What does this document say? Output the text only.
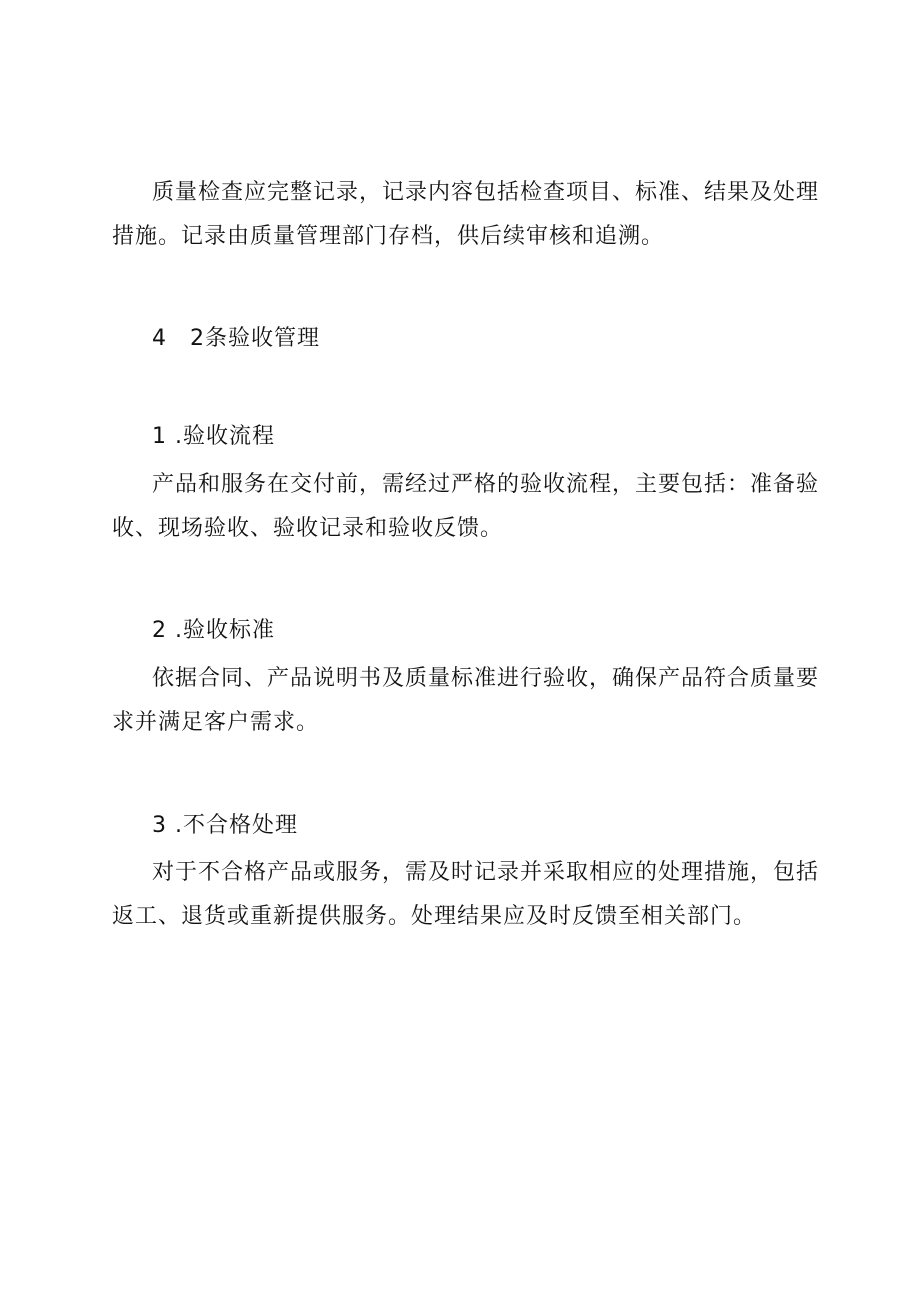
质量检查应完整记录，记录内容包括检查项目、标准、结果及处理
措施。记录由质量管理部门存档，供后续审核和追溯。

4　2条验收管理
1 .验收流程

产品和服务在交付前，需经过严格的验收流程，主要包括：准备验
收、现场验收、验收记录和验收反馈。

2 .验收标准

依据合同、产品说明书及质量标准进行验收，确保产品符合质量要
求并满足客户需求。

3 .不合格处理

对于不合格产品或服务，需及时记录并采取相应的处理措施，包括
返工、退货或重新提供服务。处理结果应及时反馈至相关部门。
